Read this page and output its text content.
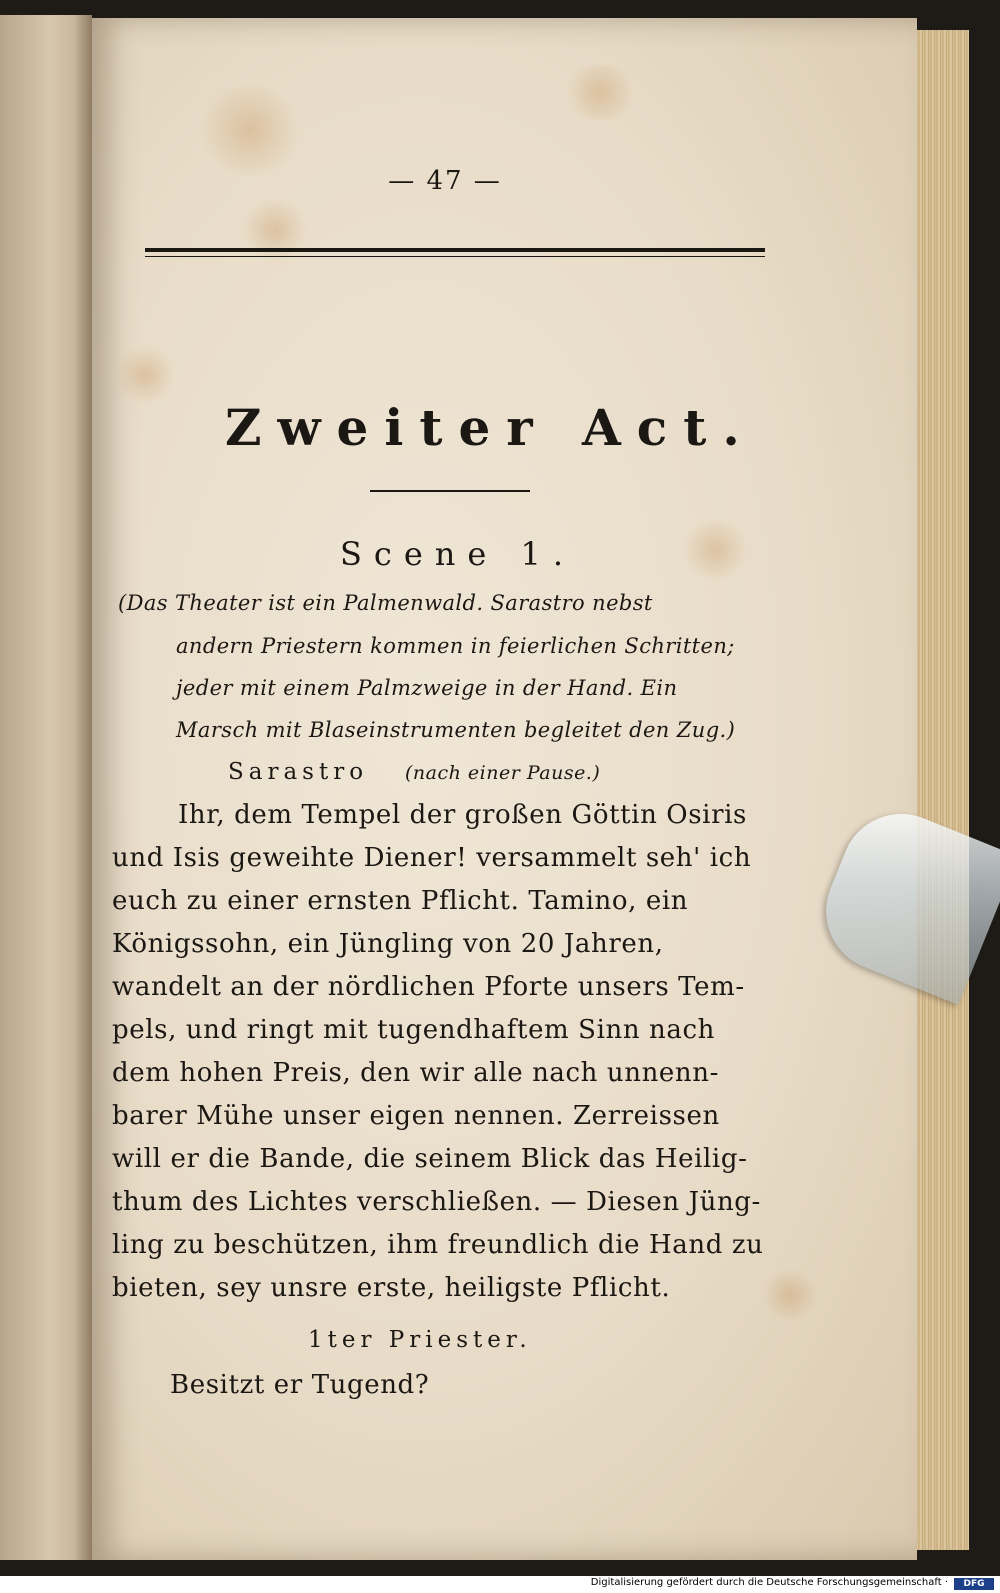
— 47 —
Zweiter Act.
Scene 1.
(Das Theater ist ein Palmenwald. Sarastro nebst
andern Priestern kommen in feierlichen Schritten;
jeder mit einem Palmzweige in der Hand. Ein
Marsch mit Blaseinstrumenten begleitet den Zug.)
Sarastro (nach einer Pause.)
Ihr, dem Tempel der großen Göttin Osiris
und Isis geweihte Diener! versammelt seh' ich
euch zu einer ernsten Pflicht. Tamino, ein
Königssohn, ein Jüngling von 20 Jahren,
wandelt an der nördlichen Pforte unsers Tem-
pels, und ringt mit tugendhaftem Sinn nach
dem hohen Preis, den wir alle nach unnenn-
barer Mühe unser eigen nennen. Zerreissen
will er die Bande, die seinem Blick das Heilig-
thum des Lichtes verschließen. — Diesen Jüng-
ling zu beschützen, ihm freundlich die Hand zu
bieten, sey unsre erste, heiligste Pflicht.
1ter Priester.
Besitzt er Tugend?
Digitalisierung gefördert durch die Deutsche Forschungsgemeinschaft ·	DFG
